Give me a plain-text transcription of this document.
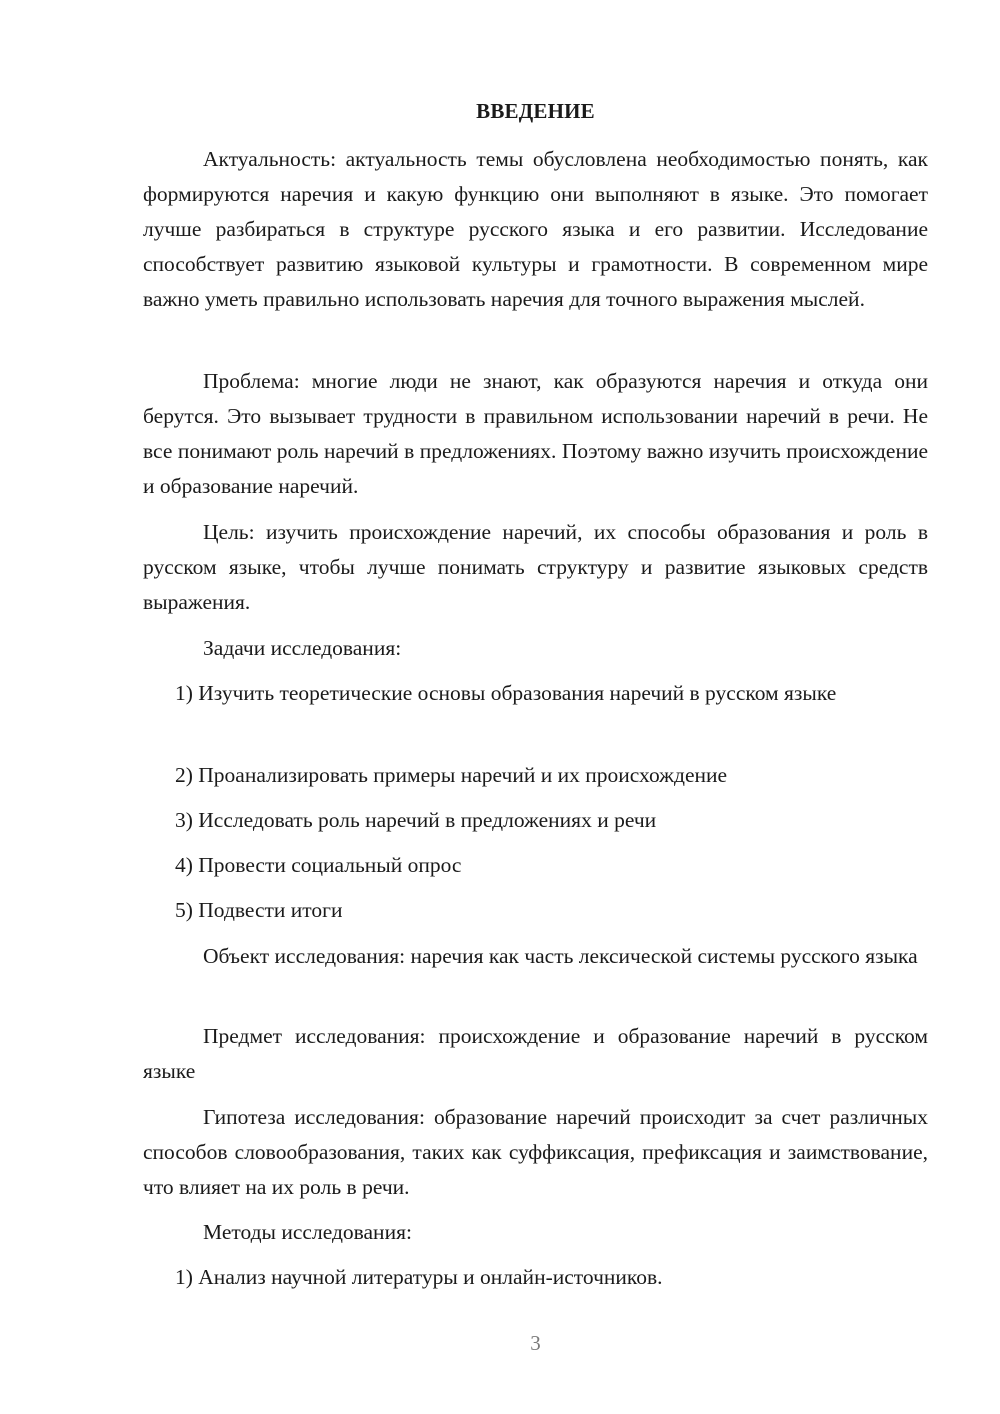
ВВЕДЕНИЕ

Актуальность: актуальность темы обусловлена необходимостью понять, как формируются наречия и какую функцию они выполняют в языке. Это помогает лучше разбираться в структуре русского языка и его развитии. Исследование способствует развитию языковой культуры и грамотности. В современном мире важно уметь правильно использовать наречия для точного выражения мыслей.

Проблема: многие люди не знают, как образуются наречия и откуда они берутся. Это вызывает трудности в правильном использовании наречий в речи. Не все понимают роль наречий в предложениях. Поэтому важно изучить происхождение и образование наречий.

Цель: изучить происхождение наречий, их способы образования и роль в русском языке, чтобы лучше понимать структуру и развитие языковых средств выражения.

Задачи исследования:

1) Изучить теоретические основы образования наречий в русском языке

2) Проанализировать примеры наречий и их происхождение

3) Исследовать роль наречий в предложениях и речи

4) Провести социальный опрос

5) Подвести итоги

Объект исследования: наречия как часть лексической системы русского языка

Предмет исследования: происхождение и образование наречий в русском языке

Гипотеза исследования: образование наречий происходит за счет различных способов словообразования, таких как суффиксация, префиксация и заимствование, что влияет на их роль в речи.

Методы исследования:

1) Анализ научной литературы и онлайн-источников.

3
